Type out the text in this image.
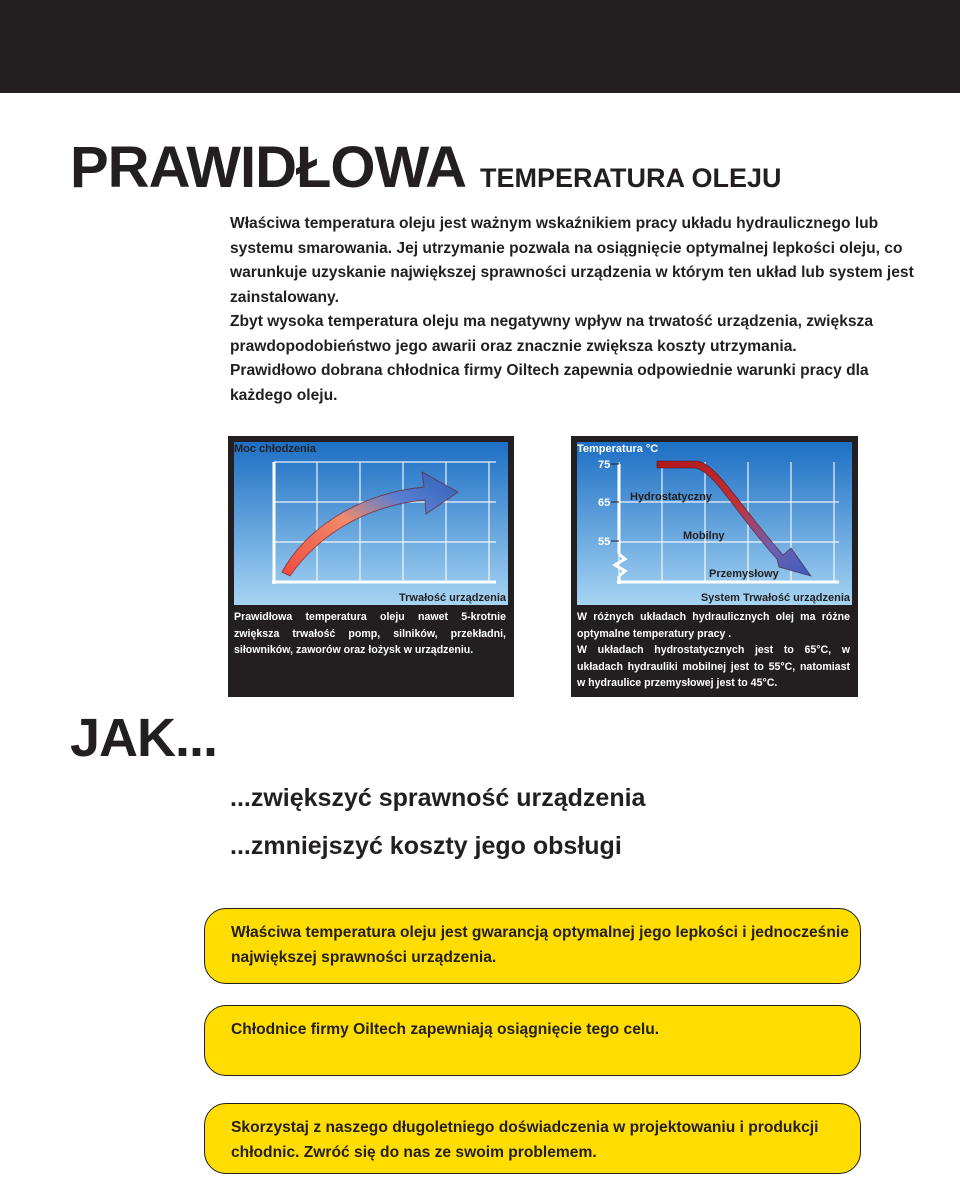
PRAWIDŁOWA TEMPERATURA OLEJU

Właściwa temperatura oleju jest ważnym wskaźnikiem pracy układu hydraulicznego lub systemu smarowania. Jej utrzymanie pozwala na osiągnięcie optymalnej lepkości oleju, co warunkuje uzyskanie największej sprawności urządzenia w którym ten układ lub system jest zainstalowany.

Zbyt wysoka temperatura oleju ma negatywny wpływ na trwatość urządzenia, zwiększa prawdopodobieństwo jego awarii oraz znacznie zwiększa koszty utrzymania.

Prawidłowo dobrana chłodnica firmy Oiltech zapewnia odpowiednie warunki pracy dla każdego oleju.

Moc chłodzenia
Trwałość urządzenia
Prawidłowa temperatura oleju nawet 5-krotnie zwiększa trwałość pomp, silników, przekładni, siłowników, zaworów oraz łożysk w urządzeniu.
Temperatura °C
75
65
55
Hydrostatyczny
Mobilny
Przemysłowy
System Trwałość urządzenia

W różnych układach hydraulicznych olej ma różne optymalne temperatury pracy .

W układach hydrostatycznych jest to 65°C, w układach hydrauliki mobilnej jest to 55°C, natomiast w hydraulice przemysłowej jest to 45°C.

JAK...
...zwiększyć sprawność urządzenia
...zmniejszyć koszty jego obsługi
Właściwa temperatura oleju jest gwarancją optymalnej jego lepkości i jednocześnie największej sprawności urządzenia.
Chłodnice firmy Oiltech zapewniają osiągnięcie tego celu.
Skorzystaj z naszego długoletniego doświadczenia w projektowaniu i produkcji chłodnic. Zwróć się do nas ze swoim problemem.
